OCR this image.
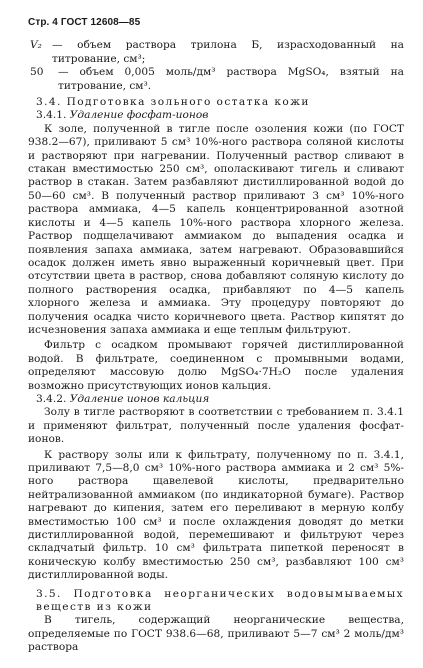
Стр. 4 ГОСТ 12608—85
V₂ — объем раствора трилона Б, израсходованный на титрование, см³;
50 — объем 0,005 моль/дм³ раствора MgSO₄, взятый на титрование, см³.
3.4. Подготовка зольного остатка кожи
3.4.1. Удаление фосфат-ионов

К золе, полученной в тигле после озоления кожи (по ГОСТ 938.2—67), приливают 5 см³ 10%-ного раствора соляной кислоты и растворяют при нагревании. Полученный раствор сливают в стакан вместимостью 250 см³, ополаскивают тигель и сливают раствор в стакан. Затем разбавляют дистиллированной водой до 50—60 см³. В полученный раствор приливают 3 см³ 10%-ного раствора аммиака, 4—5 капель концентрированной азотной кислоты и 4—5 капель 10%-ного раствора хлорного железа. Раствор подщелачивают аммиаком до выпадения осадка и появления запаха аммиака, затем нагревают. Образовавшийся осадок должен иметь явно выраженный коричневый цвет. При отсутствии цвета в раствор, снова добавляют соляную кислоту до полного растворения осадка, прибавляют по 4—5 капель хлорного железа и аммиака. Эту процедуру повторяют до получения осадка чисто коричневого цвета. Раствор кипятят до исчезновения запаха аммиака и еще теплым фильтруют.

Фильтр с осадком промывают горячей дистиллированной водой. В фильтрате, соединенном с промывными водами, определяют массовую долю MgSO₄·7H₂O после удаления возможно присутствующих ионов кальция.

3.4.2. Удаление ионов кальция

Золу в тигле растворяют в соответствии с требованием п. 3.4.1 и применяют фильтрат, полученный после удаления фосфат-ионов.

К раствору золы или к фильтрату, полученному по п. 3.4.1, приливают 7,5—8,0 см³ 10%-ного раствора аммиака и 2 см³ 5%-ного раствора щавелевой кислоты, предварительно нейтрализованной аммиаком (по индикаторной бумаге). Раствор нагревают до кипения, затем его переливают в мерную колбу вместимостью 100 см³ и после охлаждения доводят до метки дистиллированной водой, перемешивают и фильтруют через складчатый фильтр. 10 см³ фильтрата пипеткой переносят в коническую колбу вместимостью 250 см³, разбавляют 100 см³ дистиллированной воды.

3.5. Подготовка неорганических водовымываемых веществ из кожи

В тигель, содержащий неорганические вещества, определяемые по ГОСТ 938.6—68, приливают 5—7 см³ 2 моль/дм³ раствора
